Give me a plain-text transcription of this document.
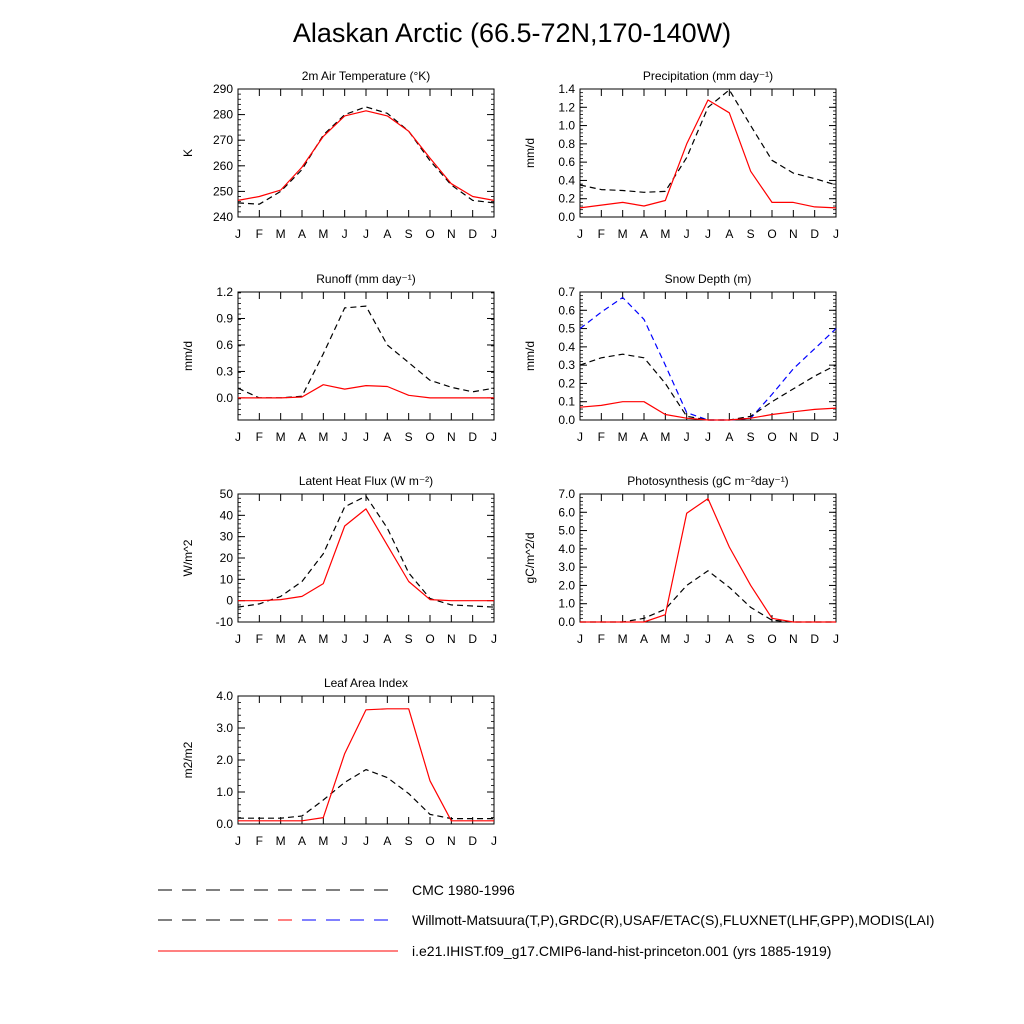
Alaskan Arctic (66.5-72N,170-140W)
2m Air Temperature (°K)
K
240
250
260
270
280
290
J F M A M J J A S O N D J
Precipitation (mm day⁻¹)
mm/d
0.0
0.2
0.4
0.6
0.8
1.0
1.2
1.4
J F M A M J J A S O N D J
Runoff (mm day⁻¹)
mm/d
0.0
0.3
0.6
0.9
1.2
J F M A M J J A S O N D J
Snow Depth (m)
mm/d
0.0
0.1
0.2
0.3
0.4
0.5
0.6
0.7
J F M A M J J A S O N D J
Latent Heat Flux (W m⁻²)
W/m^2
-10
0
10
20
30
40
50
J F M A M J J A S O N D J
Photosynthesis (gC m⁻²day⁻¹)
gC/m^2/d
0.0
1.0
2.0
3.0
4.0
5.0
6.0
7.0
J F M A M J J A S O N D J
Leaf Area Index
m2/m2
0.0
1.0
2.0
3.0
4.0
J F M A M J J A S O N D J
CMC 1980-1996
Willmott-Matsuura(T,P),GRDC(R),USAF/ETAC(S),FLUXNET(LHF,GPP),MODIS(LAI)
i.e21.IHIST.f09_g17.CMIP6-land-hist-princeton.001 (yrs 1885-1919)
